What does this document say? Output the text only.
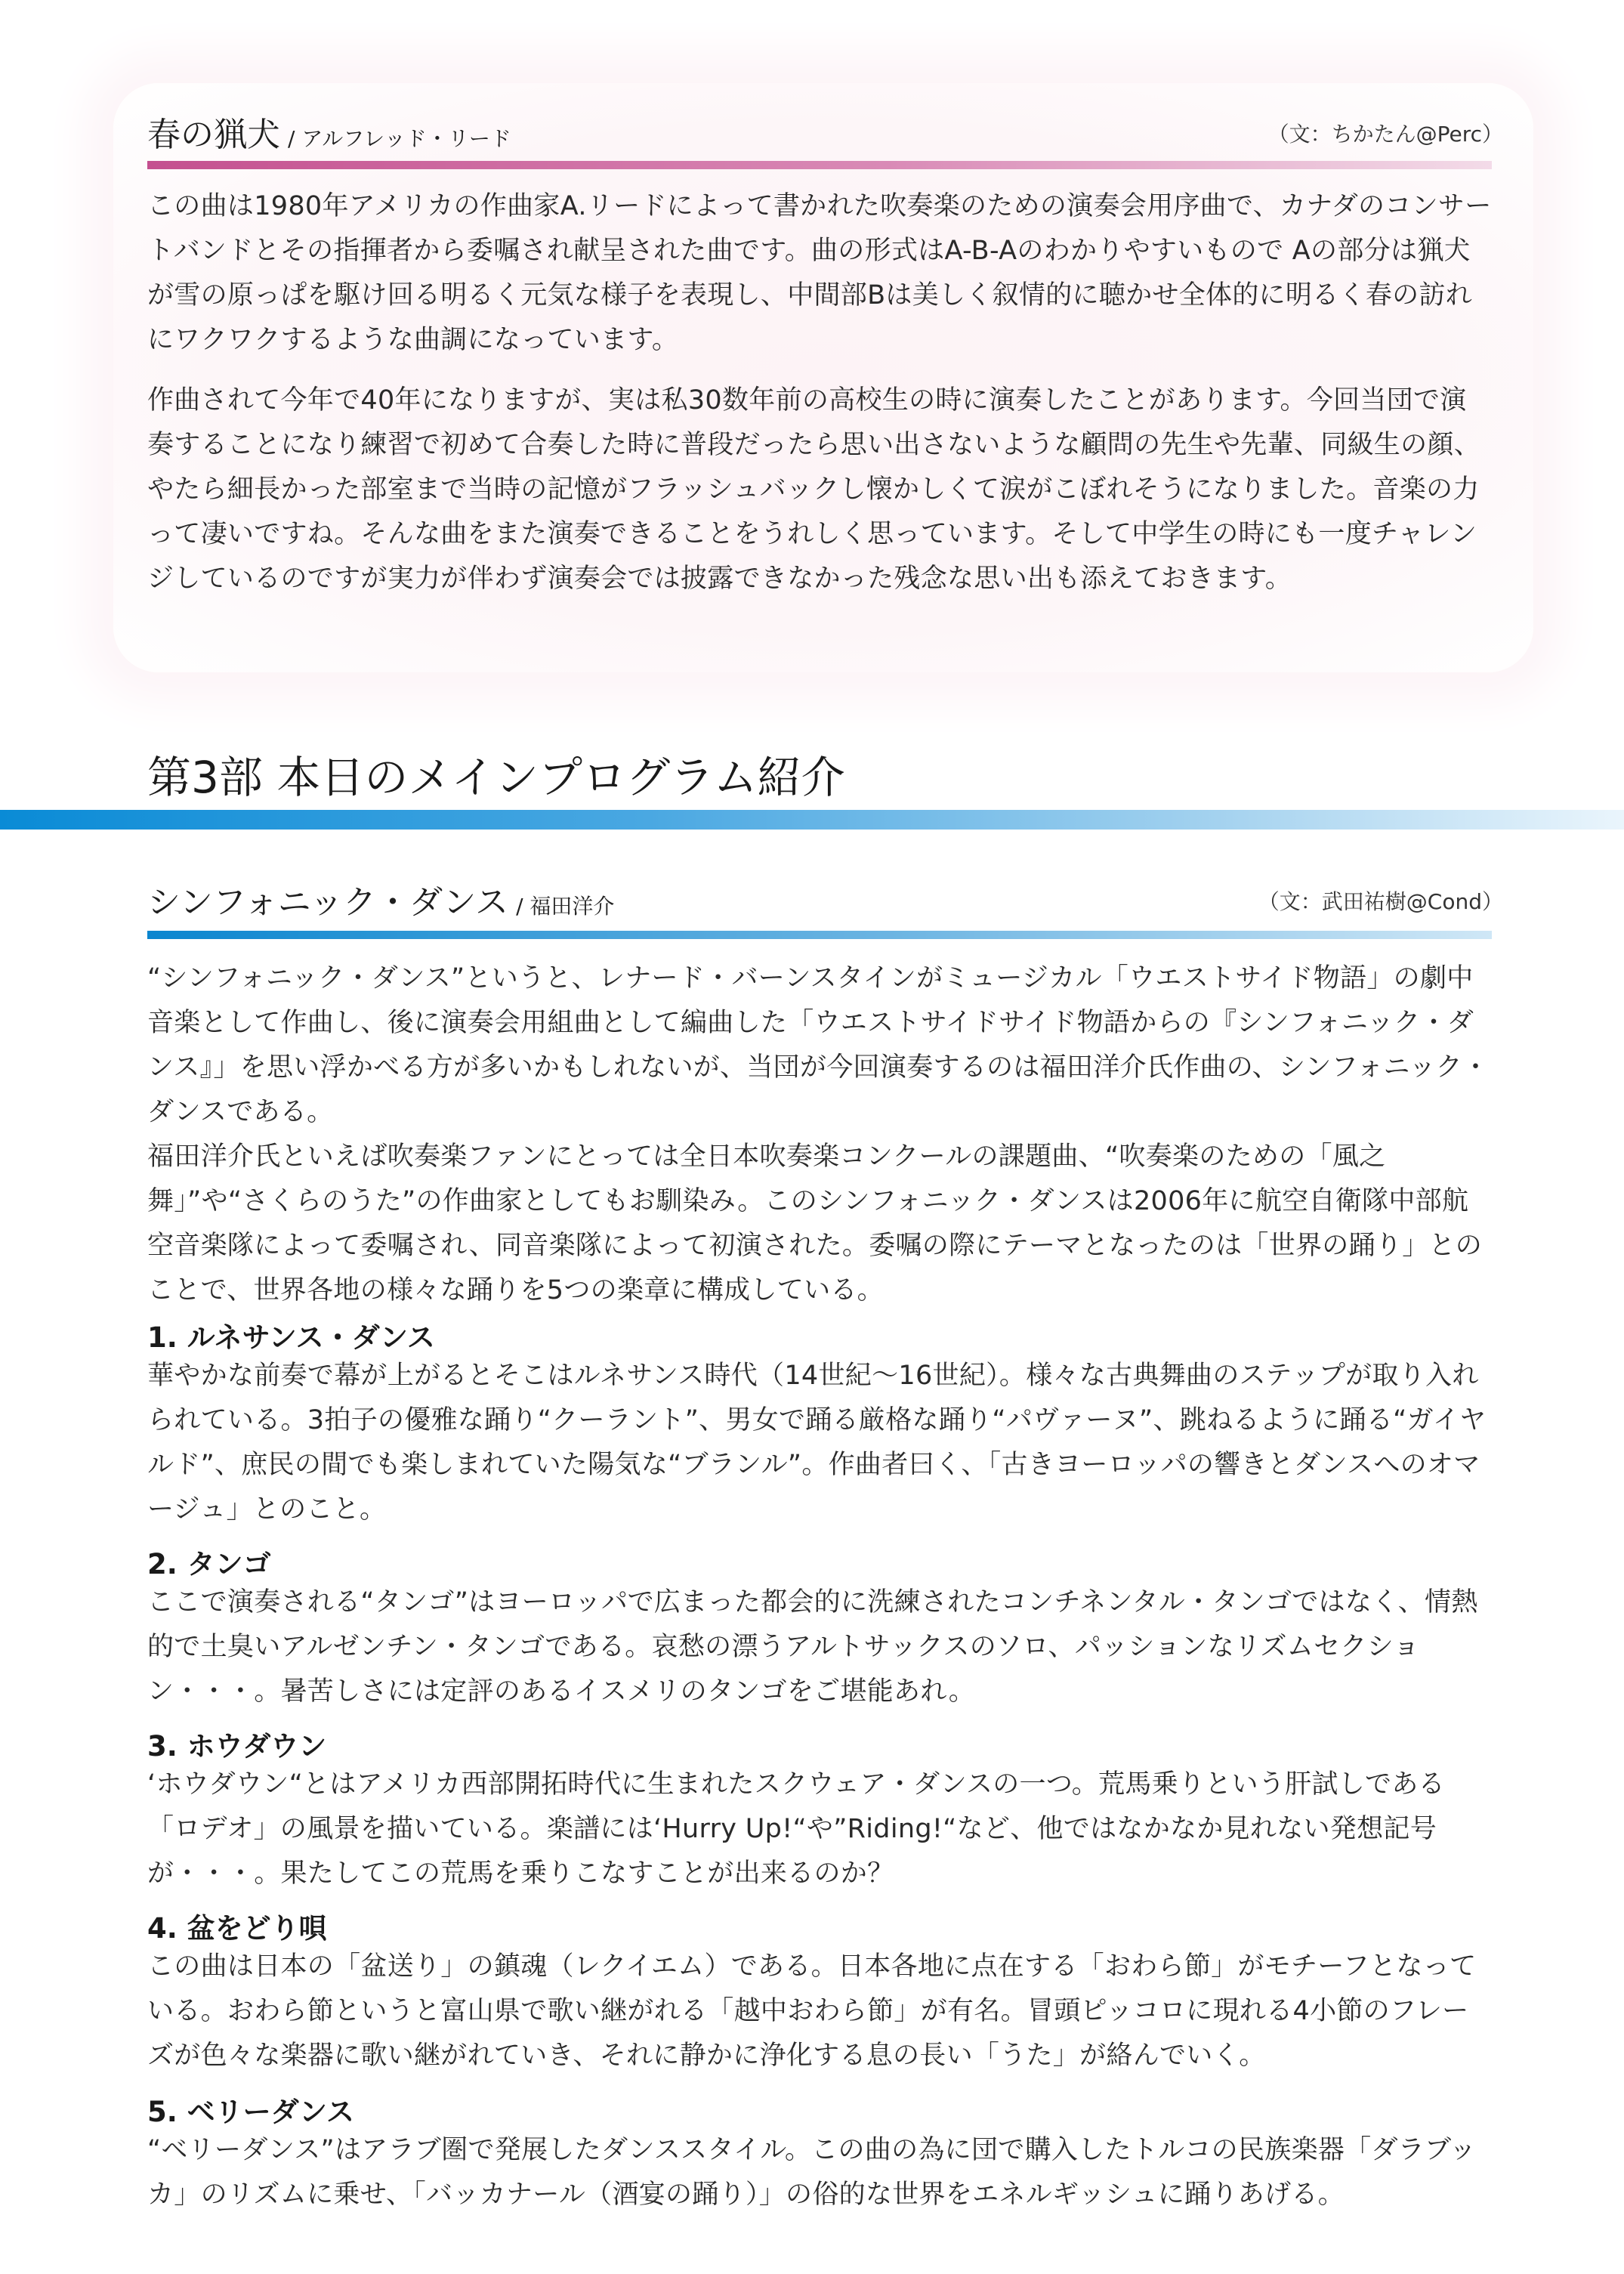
春の猟犬 / アルフレッド・リード	（文：ちかたん@Perc）

この曲は1980年アメリカの作曲家A.リードによって書かれた吹奏楽のための演奏会用序曲で、カナダのコンサートバンドとその指揮者から委嘱され献呈された曲です。曲の形式はA-B-Aのわかりやすいもので Aの部分は猟犬が雪の原っぱを駆け回る明るく元気な様子を表現し、中間部Bは美しく叙情的に聴かせ全体的に明るく春の訪れにワクワクするような曲調になっています。

作曲されて今年で40年になりますが、実は私30数年前の高校生の時に演奏したことがあります。今回当団で演奏することになり練習で初めて合奏した時に普段だったら思い出さないような顧問の先生や先輩、同級生の顔、やたら細長かった部室まで当時の記憶がフラッシュバックし懐かしくて涙がこぼれそうになりました。音楽の力って凄いですね。そんな曲をまた演奏できることをうれしく思っています。そして中学生の時にも一度チャレンジしているのですが実力が伴わず演奏会では披露できなかった残念な思い出も添えておきます。

第3部 本日のメインプログラム紹介
シンフォニック・ダンス / 福田洋介	（文：武田祐樹@Cond）

“シンフォニック・ダンス”というと、レナード・バーンスタインがミュージカル「ウエストサイド物語」の劇中音楽として作曲し、後に演奏会用組曲として編曲した「ウエストサイドサイド物語からの『シンフォニック・ダンス』」を思い浮かべる方が多いかもしれないが、当団が今回演奏するのは福田洋介氏作曲の、シンフォニック・ダンスである。

福田洋介氏といえば吹奏楽ファンにとっては全日本吹奏楽コンクールの課題曲、“吹奏楽のための「風之舞」”や“さくらのうた”の作曲家としてもお馴染み。このシンフォニック・ダンスは2006年に航空自衛隊中部航空音楽隊によって委嘱され、同音楽隊によって初演された。委嘱の際にテーマとなったのは「世界の踊り」とのことで、世界各地の様々な踊りを5つの楽章に構成している。

1. ルネサンス・ダンス

華やかな前奏で幕が上がるとそこはルネサンス時代（14世紀〜16世紀）。様々な古典舞曲のステップが取り入れられている。3拍子の優雅な踊り“クーラント”、男女で踊る厳格な踊り“パヴァーヌ”、跳ねるように踊る“ガイヤルド”、庶民の間でも楽しまれていた陽気な“ブランル”。作曲者曰く、「古きヨーロッパの響きとダンスへのオマージュ」とのこと。

2. タンゴ

ここで演奏される“タンゴ”はヨーロッパで広まった都会的に洗練されたコンチネンタル・タンゴではなく、情熱的で土臭いアルゼンチン・タンゴである。哀愁の漂うアルトサックスのソロ、パッションなリズムセクション・・・。暑苦しさには定評のあるイスメリのタンゴをご堪能あれ。

3. ホウダウン

‘ホウダウン“とはアメリカ西部開拓時代に生まれたスクウェア・ダンスの一つ。荒馬乗りという肝試しである「ロデオ」の風景を描いている。楽譜には‘Hurry Up!“や”Riding!“など、他ではなかなか見れない発想記号が・・・。果たしてこの荒馬を乗りこなすことが出来るのか？

4. 盆をどり唄

この曲は日本の「盆送り」の鎮魂（レクイエム）である。日本各地に点在する「おわら節」がモチーフとなっている。おわら節というと富山県で歌い継がれる「越中おわら節」が有名。冒頭ピッコロに現れる4小節のフレーズが色々な楽器に歌い継がれていき、それに静かに浄化する息の長い「うた」が絡んでいく。

5. ベリーダンス

“ベリーダンス”はアラブ圏で発展したダンススタイル。この曲の為に団で購入したトルコの民族楽器「ダラブッカ」のリズムに乗せ、「バッカナール（酒宴の踊り）」の俗的な世界をエネルギッシュに踊りあげる。
